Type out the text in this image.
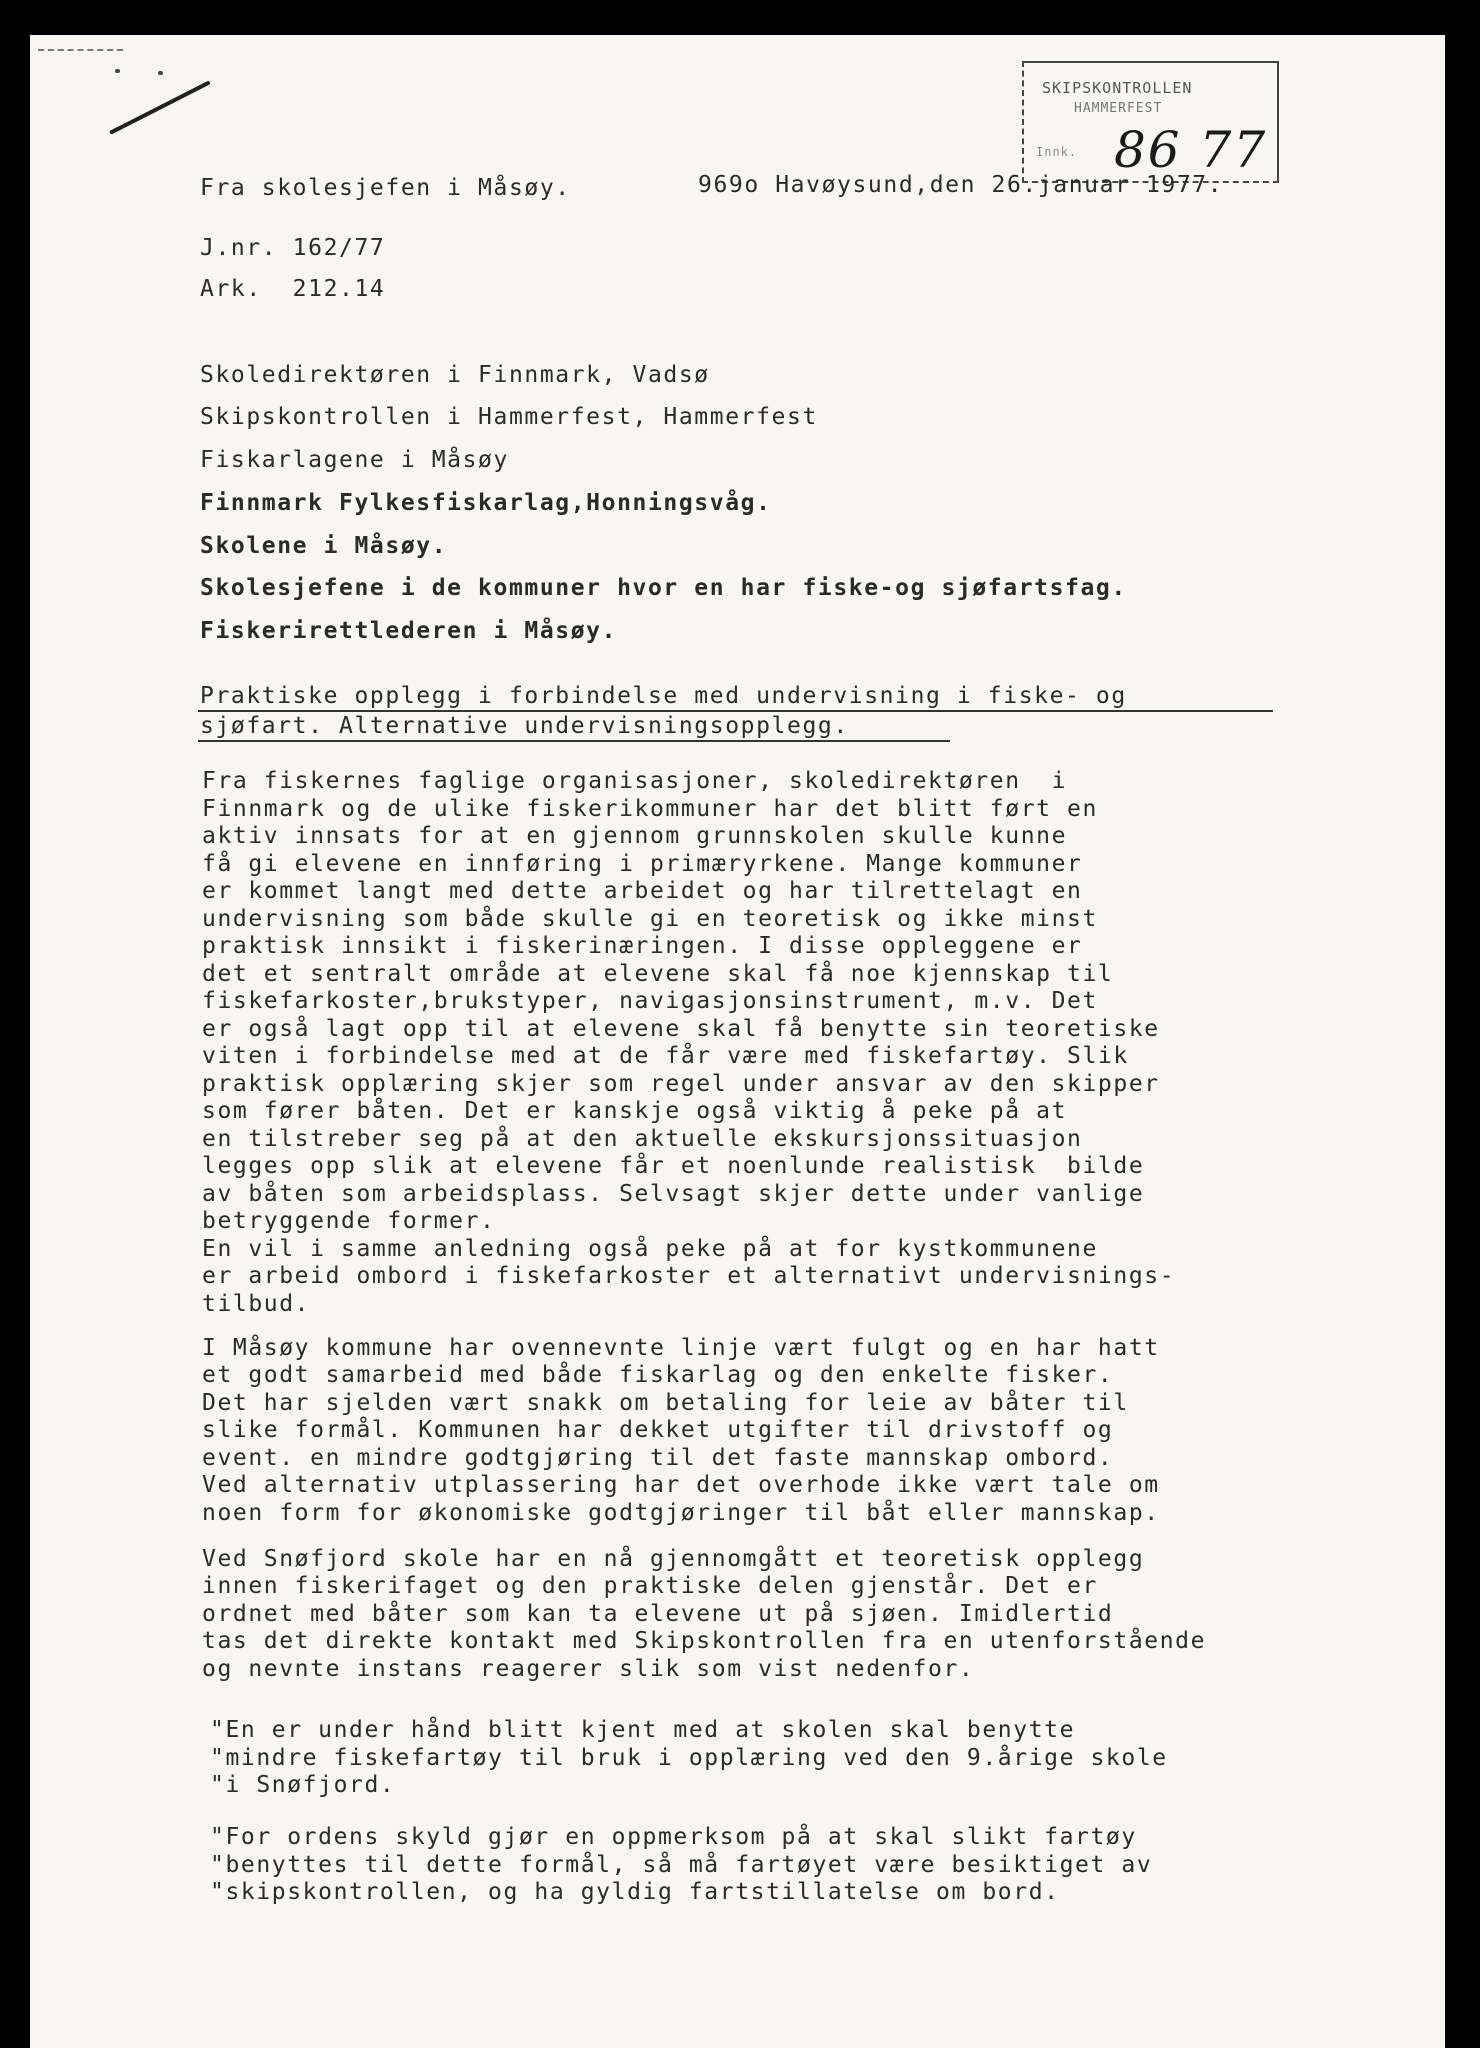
SKIPSKONTROLLEN
HAMMERFEST
Innk. 86 77
Fra skolesjefen i Måsøy.	969o Havøysund,den 26.januar 1977.
J.nr. 162/77
Ark.  212.14
Skoledirektøren i Finnmark, Vadsø
Skipskontrollen i Hammerfest, Hammerfest
Fiskarlagene i Måsøy
Finnmark Fylkesfiskarlag,Honningsvåg.
Skolene i Måsøy.
Skolesjefene i de kommuner hvor en har fiske-og sjøfartsfag.
Fiskerirettlederen i Måsøy.
Praktiske opplegg i forbindelse med undervisning i fiske- og
sjøfart. Alternative undervisningsopplegg.
Fra fiskernes faglige organisasjoner, skoledirektøren  i
Finnmark og de ulike fiskerikommuner har det blitt ført en
aktiv innsats for at en gjennom grunnskolen skulle kunne
få gi elevene en innføring i primæryrkene. Mange kommuner
er kommet langt med dette arbeidet og har tilrettelagt en
undervisning som både skulle gi en teoretisk og ikke minst
praktisk innsikt i fiskerinæringen. I disse oppleggene er
det et sentralt område at elevene skal få noe kjennskap til
fiskefarkoster,brukstyper, navigasjonsinstrument, m.v. Det
er også lagt opp til at elevene skal få benytte sin teoretiske
viten i forbindelse med at de får være med fiskefartøy. Slik
praktisk opplæring skjer som regel under ansvar av den skipper
som fører båten. Det er kanskje også viktig å peke på at
en tilstreber seg på at den aktuelle ekskursjonssituasjon
legges opp slik at elevene får et noenlunde realistisk  bilde
av båten som arbeidsplass. Selvsagt skjer dette under vanlige
betryggende former.
En vil i samme anledning også peke på at for kystkommunene
er arbeid ombord i fiskefarkoster et alternativt undervisnings-
tilbud.
I Måsøy kommune har ovennevnte linje vært fulgt og en har hatt
et godt samarbeid med både fiskarlag og den enkelte fisker.
Det har sjelden vært snakk om betaling for leie av båter til
slike formål. Kommunen har dekket utgifter til drivstoff og
event. en mindre godtgjøring til det faste mannskap ombord.
Ved alternativ utplassering har det overhode ikke vært tale om
noen form for økonomiske godtgjøringer til båt eller mannskap.
Ved Snøfjord skole har en nå gjennomgått et teoretisk opplegg
innen fiskerifaget og den praktiske delen gjenstår. Det er
ordnet med båter som kan ta elevene ut på sjøen. Imidlertid
tas det direkte kontakt med Skipskontrollen fra en utenforstående
og nevnte instans reagerer slik som vist nedenfor.
"En er under hånd blitt kjent med at skolen skal benytte
"mindre fiskefartøy til bruk i opplæring ved den 9.årige skole
"i Snøfjord.
"For ordens skyld gjør en oppmerksom på at skal slikt fartøy
"benyttes til dette formål, så må fartøyet være besiktiget av
"skipskontrollen, og ha gyldig fartstillatelse om bord.
